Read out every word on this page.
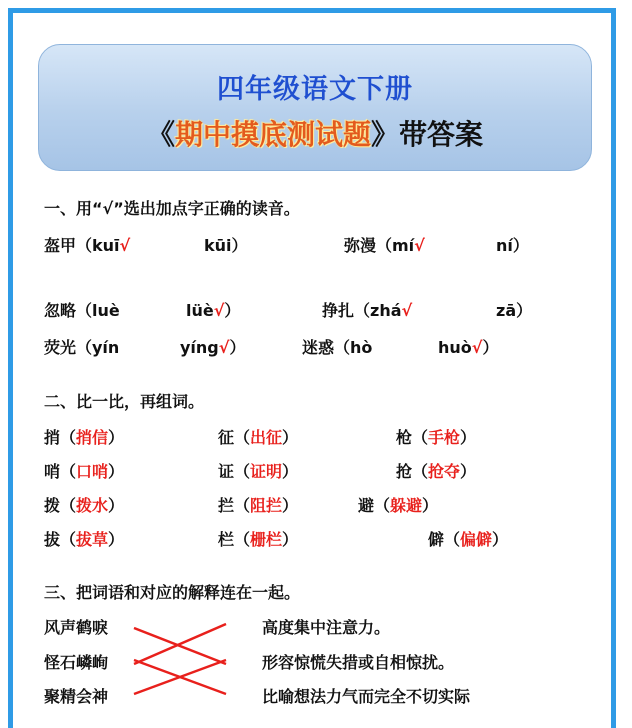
四年级语文下册
《期中摸底测试题》带答案
一、用“√”选出加点字正确的读音。
盔甲（kuī√	kūi）	弥漫（mí√	ní）
忽略（luè	lüè√）	挣扎（zhá√	zā）
荧光（yín	yíng√）	迷惑（hò	huò√）
二、比一比，再组词。
捎（捎信）	征（出征）	枪（手枪）
哨（口哨）	证（证明）	抢（抢夺）
拨（拨水）	拦（阻拦）	避（躲避）
拔（拔草）	栏（栅栏）	僻（偏僻）
三、把词语和对应的解释连在一起。
风声鹤唳
怪石嶙峋
聚精会神
高度集中注意力。
形容惊慌失措或自相惊扰。
比喻想法力气而完全不切实际
